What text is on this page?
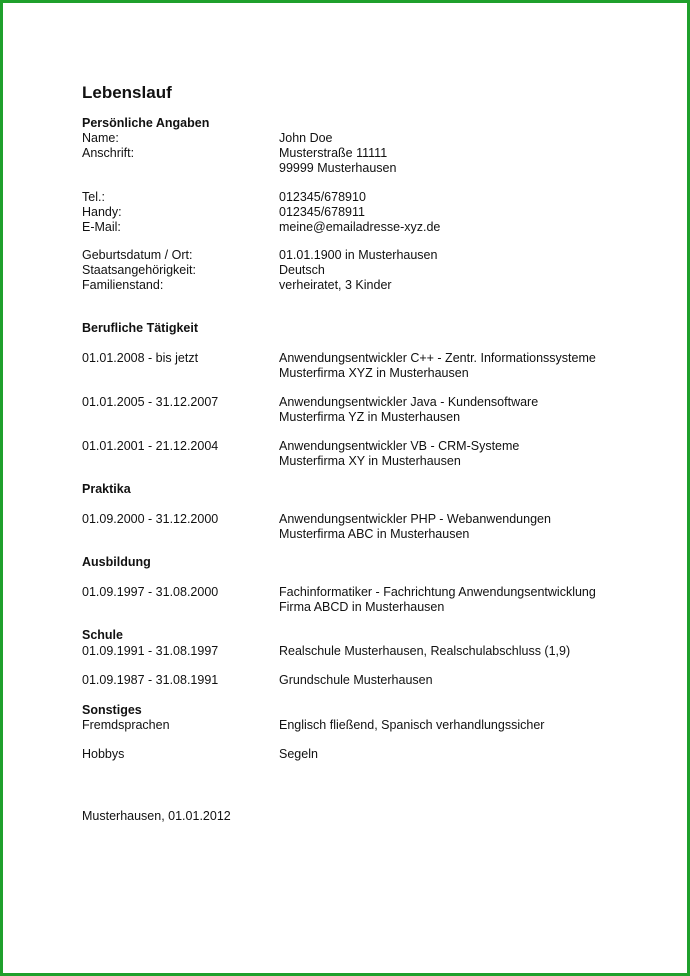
Lebenslauf
Persönliche Angaben
Name:	John Doe
Anschrift:	Musterstraße 11111
99999 Musterhausen
Tel.:	012345/678910
Handy:	012345/678911
E-Mail:	meine@emailadresse-xyz.de
Geburtsdatum / Ort:	01.01.1900 in Musterhausen
Staatsangehörigkeit:	Deutsch
Familienstand:	verheiratet, 3 Kinder
Berufliche Tätigkeit
01.01.2008 - bis jetzt	Anwendungsentwickler C++ - Zentr. Informationssysteme
Musterfirma XYZ in Musterhausen
01.01.2005 - 31.12.2007	Anwendungsentwickler Java - Kundensoftware
Musterfirma YZ in Musterhausen
01.01.2001 - 21.12.2004	Anwendungsentwickler VB - CRM-Systeme
Musterfirma XY in Musterhausen
Praktika
01.09.2000 - 31.12.2000	Anwendungsentwickler PHP - Webanwendungen
Musterfirma ABC in Musterhausen
Ausbildung
01.09.1997 - 31.08.2000	Fachinformatiker - Fachrichtung Anwendungsentwicklung
Firma ABCD in Musterhausen
Schule
01.09.1991 - 31.08.1997	Realschule Musterhausen, Realschulabschluss (1,9)
01.09.1987 - 31.08.1991	Grundschule Musterhausen
Sonstiges
Fremdsprachen	Englisch fließend, Spanisch verhandlungssicher
Hobbys	Segeln
Musterhausen, 01.01.2012
